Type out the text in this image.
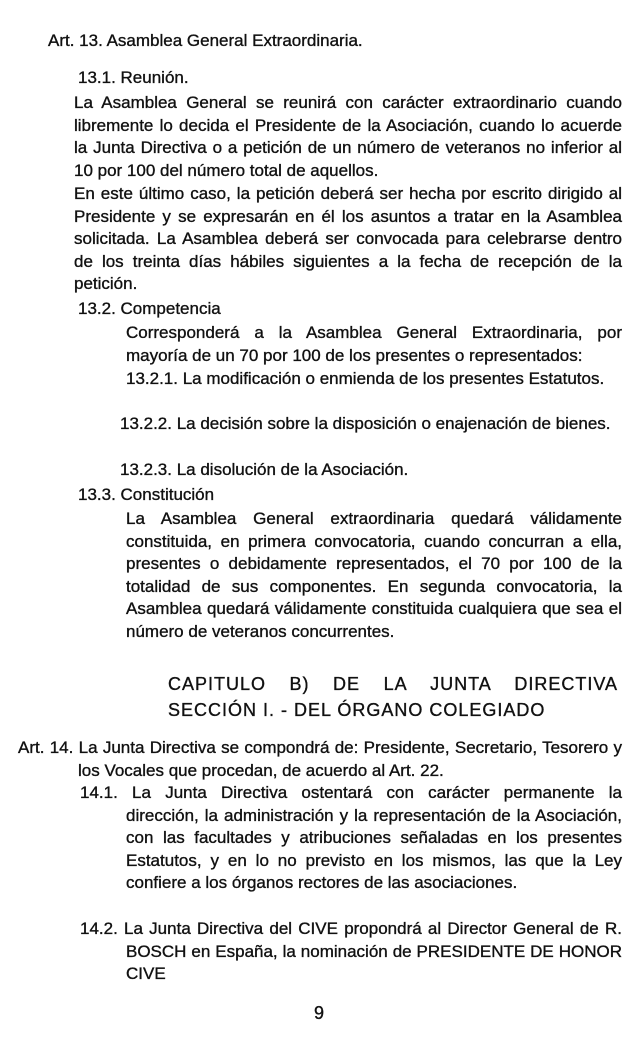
Art. 13. Asamblea General Extraordinaria.
13.1. Reunión.

La Asamblea General se reunirá con carácter extraordinario cuando libremente lo decida el Presidente de la Asociación, cuando lo acuerde la Junta Directiva o a petición de un número de veteranos no inferior al 10 por 100 del número total de aquellos.

En este último caso, la petición deberá ser hecha por escrito dirigido al Presidente y se expresarán en él los asuntos a tratar en la Asamblea solicitada. La Asamblea deberá ser convocada para celebrarse dentro de los treinta días hábiles siguientes a la fecha de recepción de la petición.

13.2. Competencia

Corresponderá a la Asamblea General Extraordinaria, por mayoría de un 70 por 100 de los presentes o representados:

13.2.1. La modificación o enmienda de los presentes Estatutos.

13.2.2. La decisión sobre la disposición o enajenación de bienes.

13.2.3. La disolución de la Asociación.
13.3. Constitución

La Asamblea General extraordinaria quedará válidamente constituida, en primera convocatoria, cuando concurran a ella, presentes o debidamente representados, el 70 por 100 de la totalidad de sus componentes. En segunda convocatoria, la Asamblea quedará válidamente constituida cualquiera que sea el número de veteranos concurrentes.

CAPITULO B) DE LA JUNTA DIRECTIVA
SECCIÓN I. - DEL ÓRGANO COLEGIADO

Art. 14. La Junta Directiva se compondrá de: Presidente, Secretario, Tesorero y los Vocales que procedan, de acuerdo al Art. 22.

14.1. La Junta Directiva ostentará con carácter permanente la dirección, la administración y la representación de la Asociación, con las facultades y atribuciones señaladas en los presentes Estatutos, y en lo no previsto en los mismos, las que la Ley confiere a los órganos rectores de las asociaciones.

14.2. La Junta Directiva del CIVE propondrá al Director General de R. BOSCH en España, la nominación de PRESIDENTE DE HONOR CIVE

9
